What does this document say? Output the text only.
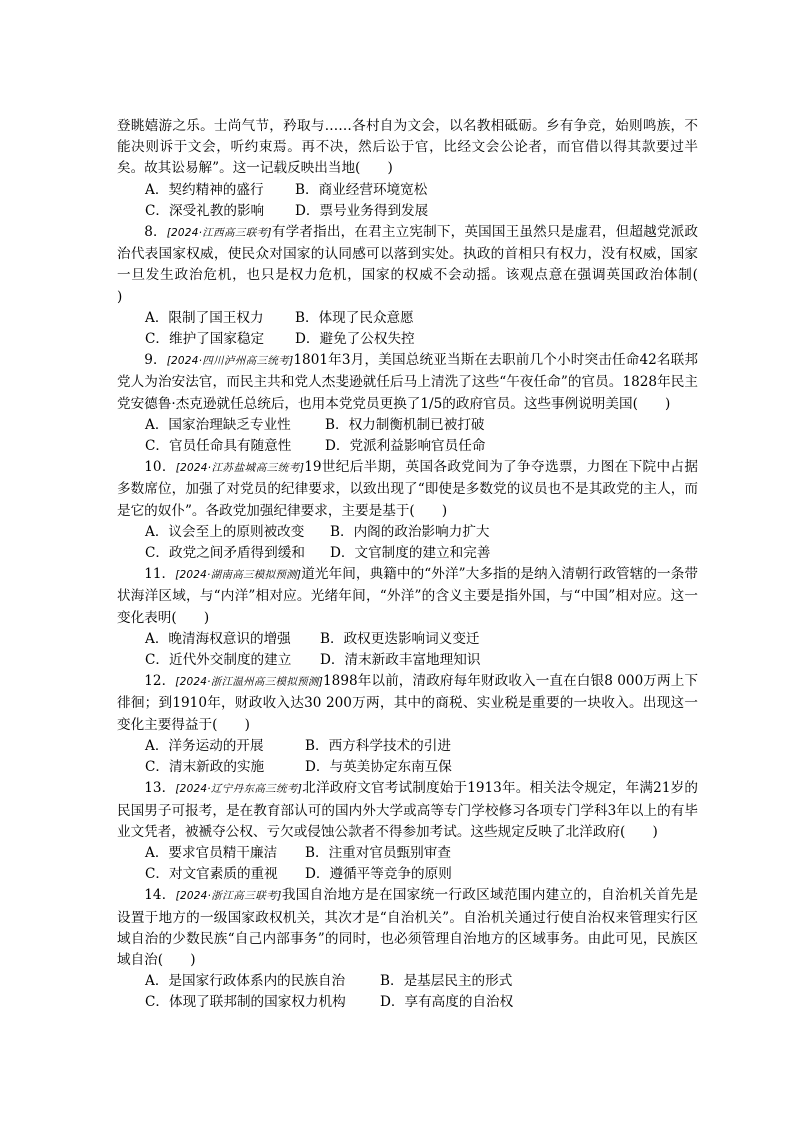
登眺嬉游之乐。士尚气节，矜取与……各村自为文会，以名教相砥砺。乡有争竞，始则鸣族，不能决则诉于文会，听约束焉。再不决，然后讼于官，比经文会公论者，而官借以得其款要过半矣。故其讼易解”。这一记载反映出当地(　　)

A．契约精神的盛行	B．商业经营环境宽松
C．深受礼教的影响	D．票号业务得到发展

8．[2024·江西高三联考]有学者指出，在君主立宪制下，英国国王虽然只是虚君，但超越党派政治代表国家权威，使民众对国家的认同感可以落到实处。执政的首相只有权力，没有权威，国家一旦发生政治危机，也只是权力危机，国家的权威不会动摇。该观点意在强调英国政治体制(　　)

A．限制了国王权力	B．体现了民众意愿
C．维护了国家稳定	D．避免了公权失控

9．[2024·四川泸州高三统考]1801年3月，美国总统亚当斯在去职前几个小时突击任命42名联邦党人为治安法官，而民主共和党人杰斐逊就任后马上清洗了这些“午夜任命”的官员。1828年民主党安德鲁·杰克逊就任总统后，也用本党党员更换了1/5的政府官员。这些事例说明美国(　　)

A．国家治理缺乏专业性	B．权力制衡机制已被打破
C．官员任命具有随意性	D．党派利益影响官员任命

10．[2024·江苏盐城高三统考]19世纪后半期，英国各政党间为了争夺选票，力图在下院中占据多数席位，加强了对党员的纪律要求，以致出现了“即使是多数党的议员也不是其政党的主人，而是它的奴仆”。各政党加强纪律要求，主要是基于(　　)

A．议会至上的原则被改变	B．内阁的政治影响力扩大
C．政党之间矛盾得到缓和	D．文官制度的建立和完善

11．[2024·湖南高三模拟预测]道光年间，典籍中的“外洋”大多指的是纳入清朝行政管辖的一条带状海洋区域，与“内洋”相对应。光绪年间，“外洋”的含义主要是指外国，与“中国”相对应。这一变化表明(　　)

A．晚清海权意识的增强	B．政权更迭影响词义变迁
C．近代外交制度的建立	D．清末新政丰富地理知识

12．[2024·浙江温州高三模拟预测]1898年以前，清政府每年财政收入一直在白银8 000万两上下徘徊；到1910年，财政收入达30 200万两，其中的商税、实业税是重要的一块收入。出现这一变化主要得益于(　　)

A．洋务运动的开展	B．西方科学技术的引进
C．清末新政的实施	D．与英美协定东南互保

13．[2024·辽宁丹东高三统考]北洋政府文官考试制度始于1913年。相关法令规定，年满21岁的民国男子可报考，是在教育部认可的国内外大学或高等专门学校修习各项专门学科3年以上的有毕业文凭者，被褫夺公权、亏欠或侵蚀公款者不得参加考试。这些规定反映了北洋政府(　　)

A．要求官员精干廉洁	B．注重对官员甄别审查
C．对文官素质的重视	D．遵循平等竞争的原则

14．[2024·浙江高三联考]我国自治地方是在国家统一行政区域范围内建立的，自治机关首先是设置于地方的一级国家政权机关，其次才是“自治机关”。自治机关通过行使自治权来管理实行区域自治的少数民族“自己内部事务”的同时，也必须管理自治地方的区域事务。由此可见，民族区域自治(　　)

A．是国家行政体系内的民族自治	B．是基层民主的形式
C．体现了联邦制的国家权力机构	D．享有高度的自治权
